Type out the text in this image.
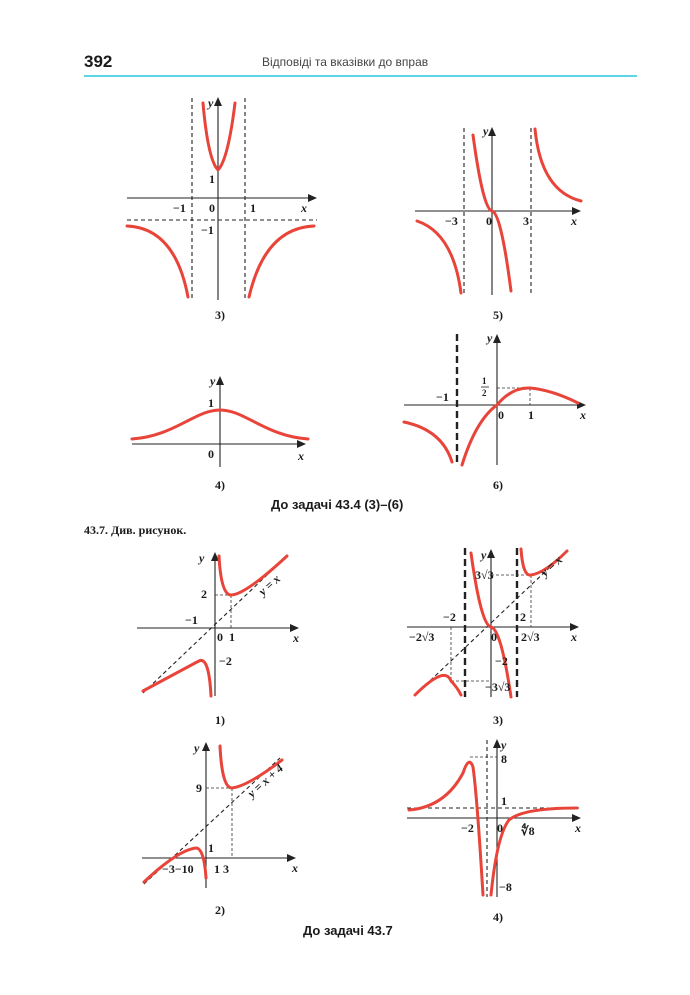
392	Відповіді та вказівки до вправ
y
x
1
−1 0	1
−1
3)
y
x
−3 0	3
5)
y
x
1
0
4)
y
x
−1
0 1
1
2
6)
До задачі 43.4 (3)–(6)
43.7. Див. рисунок.
y
x
2
−1
0 1
−2
y = x
1)
y
x
3√3
−2	2
−2√3	0 2√3
−2
−3√3
y = x
3)
y
x
9
1
−3−10 1 3
y = x + 4
2)
y
x
8
1
−2 0 ∜8
−8
4)
До задачі 43.7
